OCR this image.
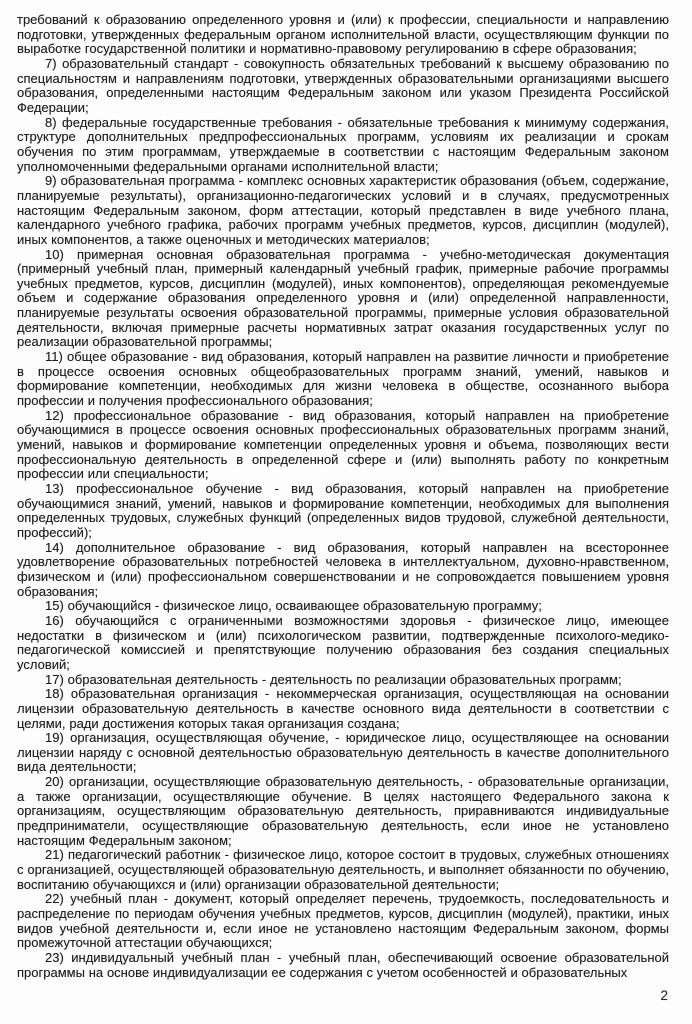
требований к образованию определенного уровня и (или) к профессии, специальности и направлению подготовки, утвержденных федеральным органом исполнительной власти, осуществляющим функции по выработке государственной политики и нормативно-правовому регулированию в сфере образования;

7) образовательный стандарт - совокупность обязательных требований к высшему образованию по специальностям и направлениям подготовки, утвержденных образовательными организациями высшего образования, определенными настоящим Федеральным законом или указом Президента Российской Федерации;

8) федеральные государственные требования - обязательные требования к минимуму содержания, структуре дополнительных предпрофессиональных программ, условиям их реализации и срокам обучения по этим программам, утверждаемые в соответствии с настоящим Федеральным законом уполномоченными федеральными органами исполнительной власти;

9) образовательная программа - комплекс основных характеристик образования (объем, содержание, планируемые результаты), организационно-педагогических условий и в случаях, предусмотренных настоящим Федеральным законом, форм аттестации, который представлен в виде учебного плана, календарного учебного графика, рабочих программ учебных предметов, курсов, дисциплин (модулей), иных компонентов, а также оценочных и методических материалов;

10) примерная основная образовательная программа - учебно-методическая документация (примерный учебный план, примерный календарный учебный график, примерные рабочие программы учебных предметов, курсов, дисциплин (модулей), иных компонентов), определяющая рекомендуемые объем и содержание образования определенного уровня и (или) определенной направленности, планируемые результаты освоения образовательной программы, примерные условия образовательной деятельности, включая примерные расчеты нормативных затрат оказания государственных услуг по реализации образовательной программы;

11) общее образование - вид образования, который направлен на развитие личности и приобретение в процессе освоения основных общеобразовательных программ знаний, умений, навыков и формирование компетенции, необходимых для жизни человека в обществе, осознанного выбора профессии и получения профессионального образования;

12) профессиональное образование - вид образования, который направлен на приобретение обучающимися в процессе освоения основных профессиональных образовательных программ знаний, умений, навыков и формирование компетенции определенных уровня и объема, позволяющих вести профессиональную деятельность в определенной сфере и (или) выполнять работу по конкретным профессии или специальности;

13) профессиональное обучение - вид образования, который направлен на приобретение обучающимися знаний, умений, навыков и формирование компетенции, необходимых для выполнения определенных трудовых, служебных функций (определенных видов трудовой, служебной деятельности, профессий);

14) дополнительное образование - вид образования, который направлен на всестороннее удовлетворение образовательных потребностей человека в интеллектуальном, духовно-нравственном, физическом и (или) профессиональном совершенствовании и не сопровождается повышением уровня образования;

15) обучающийся - физическое лицо, осваивающее образовательную программу;

16) обучающийся с ограниченными возможностями здоровья - физическое лицо, имеющее недостатки в физическом и (или) психологическом развитии, подтвержденные психолого-медико-педагогической комиссией и препятствующие получению образования без создания специальных условий;

17) образовательная деятельность - деятельность по реализации образовательных программ;

18) образовательная организация - некоммерческая организация, осуществляющая на основании лицензии образовательную деятельность в качестве основного вида деятельности в соответствии с целями, ради достижения которых такая организация создана;

19) организация, осуществляющая обучение, - юридическое лицо, осуществляющее на основании лицензии наряду с основной деятельностью образовательную деятельность в качестве дополнительного вида деятельности;

20) организации, осуществляющие образовательную деятельность, - образовательные организации, а также организации, осуществляющие обучение. В целях настоящего Федерального закона к организациям, осуществляющим образовательную деятельность, приравниваются индивидуальные предприниматели, осуществляющие образовательную деятельность, если иное не установлено настоящим Федеральным законом;

21) педагогический работник - физическое лицо, которое состоит в трудовых, служебных отношениях с организацией, осуществляющей образовательную деятельность, и выполняет обязанности по обучению, воспитанию обучающихся и (или) организации образовательной деятельности;

22) учебный план - документ, который определяет перечень, трудоемкость, последовательность и распределение по периодам обучения учебных предметов, курсов, дисциплин (модулей), практики, иных видов учебной деятельности и, если иное не установлено настоящим Федеральным законом, формы промежуточной аттестации обучающихся;

23) индивидуальный учебный план - учебный план, обеспечивающий освоение образовательной программы на основе индивидуализации ее содержания с учетом особенностей и образовательных

2
